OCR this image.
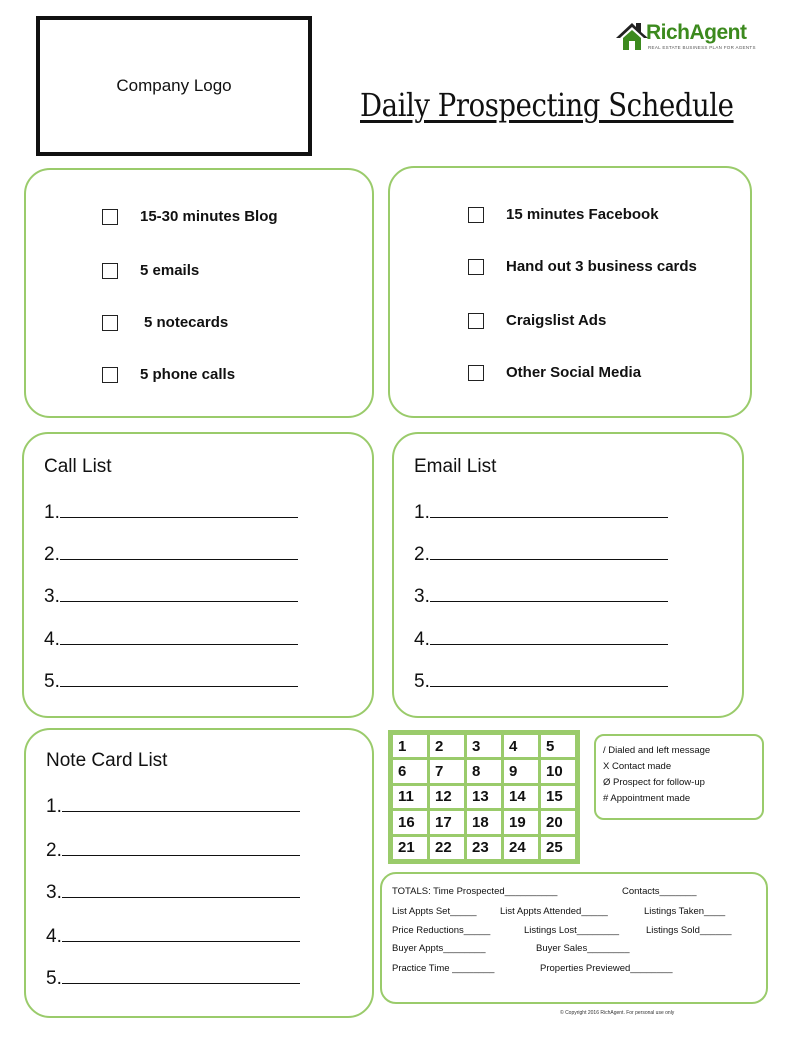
Company Logo
RichAgent
REAL ESTATE BUSINESS PLAN FOR AGENTS
Daily Prospecting Schedule
15-30 minutes Blog
5 emails
5 notecards
5 phone calls
15 minutes Facebook
Hand out 3 business cards
Craigslist Ads
Other Social Media
Call List
1.
2.
3.
4.
5.
Email List
1.
2.
3.
4.
5.
Note Card List
1.
2.
3.
4.
5.
1	2	3	4	5
6	7	8	9	10
11	12	13	14	15
16	17	18	19	20
21	22	23	24	25
/ Dialed and left message
X Contact made
Ø Prospect for follow-up
# Appointment made
TOTALS: Time Prospected__________	Contacts_______
List Appts Set_____ List Appts Attended_____	Listings Taken____
Price Reductions_____	Listings Lost________	Listings Sold______
Buyer Appts________	Buyer Sales________
Practice Time ________	Properties Previewed________
© Copyright 2016 RichAgent. For personal use only
